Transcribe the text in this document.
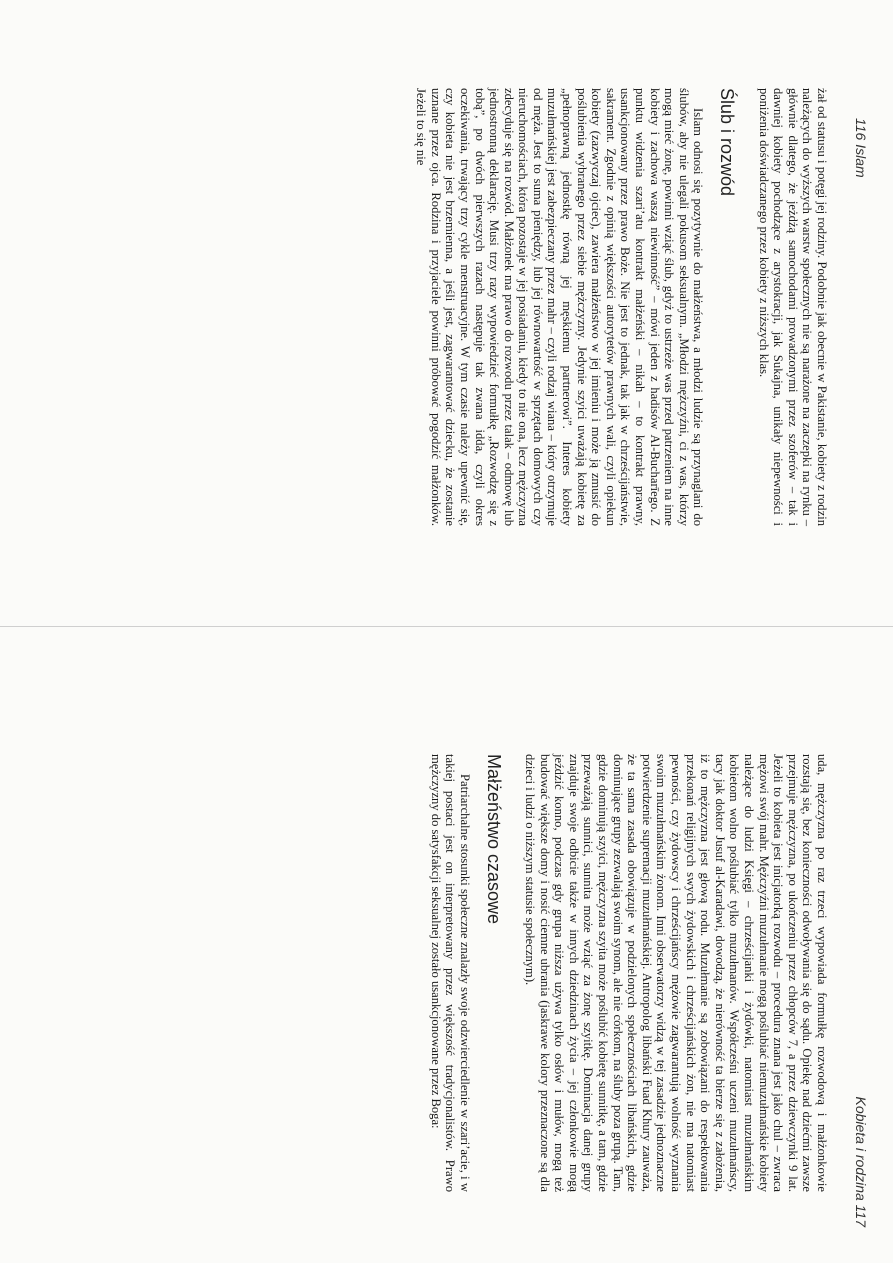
116 Islam

żał od statusu i potęgi jej rodziny. Podobnie jak obecnie w Pakistanie, kobiety z rodzin należących do wyższych warstw społecznych nie są narażone na zaczepki na rynku – głównie dlatego, że jeżdżą samochodami prowadzonymi przez szoferów – tak i dawniej kobiety pochodzące z arystokracji, jak Sukajna, unikały niepewności i poniżenia doświadczanego przez kobiety z niższych klas.

Ślub i rozwód

Islam odnosi się pozytywnie do małżeństwa, a młodzi ludzie są przynaglani do ślubów, aby nie ulegali pokusom seksualnym. „Młodzi mężczyźni, ci z was, którzy mogą mieć żonę, powinni wziąć ślub, gdyż to ustrzeże was przed patrzeniem na inne kobiety i zachowa waszą niewinność” – mówi jeden z hadisów Al-Bucharīego. Z punktu widzenia szari’atu kontrakt małżeński – nikah – to kontrakt prawny, usankcjonowany przez prawo Boże. Nie jest to jednak, tak jak w chrześcijaństwie, sakrament. Zgodnie z opinią większości autorytetów prawnych wali, czyli opiekun kobiety (zazwyczaj ojciec), zawiera małżeństwo w jej imieniu i może ją zmusić do poślubienia wybranego przez siebie mężczyzny. Jedynie szyici uważają kobietę za „pełnoprawną jednostkę równą jej męskiemu partnerowi”. Interes kobiety muzułmańskiej jest zabezpieczany przez mahr – czyli rodzaj wiana – który otrzymuje od męża. Jest to suma pieniędzy, lub jej równowartość w sprzętach domowych czy nieruchomościach, która pozostaje w jej posiadaniu, kiedy to nie ona, lecz mężczyzna zdecyduje się na rozwód. Małżonek ma prawo do rozwodu przez talak – odmowę lub jednostronną deklarację. Musi trzy razy wypowiedzieć formułkę „Rozwodzę się z tobą”, po dwóch pierwszych razach następuje tak zwana idda, czyli okres oczekiwania, trwający trzy cykle menstruacyjne. W tym czasie należy upewnić się, czy kobieta nie jest brzemienna, a jeśli jest, zagwarantować dziecku, że zostanie uznane przez ojca. Rodzina i przyjaciele powinni próbować pogodzić małżonków. Jeżeli to się nie

Kobieta i rodzina 117

uda, mężczyzna po raz trzeci wypowiada formułkę rozwodową i małżonkowie rozstają się, bez konieczności odwoływania się do sądu. Opiekę nad dziećmi zawsze przejmuje mężczyzna, po ukończeniu przez chłopców 7, a przez dziewczynki 9 lat. Jeżeli to kobieta jest inicjatorką rozwodu – procedura znana jest jako chul – zwraca mężowi swój mahr. Mężczyźni muzułmanie mogą poślubiać niemuzułmańskie kobiety należące do ludzi Księgi – chrześcijanki i żydówki, natomiast muzułmańskim kobietom wolno poślubiać tylko muzułmanów. Współcześni uczeni muzułmańscy, tacy jak doktor Jusuf al-Karadawi, dowodzą, że nierówność ta bierze się z założenia, iż to mężczyzna jest głową rodu. Muzułmanie są zobowiązani do respektowania przekonań religijnych swych żydowskich i chrześcijańskich żon, nie ma natomiast pewności, czy żydowscy i chrześcijańscy mężowie zagwarantują wolność wyznania swoim muzułmańskim żonom. Inni obserwatorzy widzą w tej zasadzie jednoznaczne potwierdzenie supremacji muzułmańskiej. Antropolog libański Fuad Khury zauważa, że ta sama zasada obowiązuje w podzielonych społecznościach libańskich, gdzie dominujące grupy zezwalają swoim synom, ale nie córkom, na śluby poza grupą. Tam, gdzie dominują szyici, mężczyzna szyita może poślubić kobietę sunnitkę, a tam, gdzie przeważają sunnici, sunnita może wziąć za żonę szyitkę. Dominacja danej grupy znajduje swoje odbicie także w innych dziedzinach życia – jej członkowie mogą jeździć konno, podczas gdy grupa niższa używa tylko osłów i mułów, mogą też budować większe domy i nosić ciemne ubrania (jaskrawe kolory przeznaczone są dla dzieci i ludzi o niższym statusie społecznym).

Małżeństwo czasowe

Patriarchalne stosunki społeczne znalazły swoje odzwierciedlenie w szari’acie, i w takiej postaci jest on interpretowany przez większość tradycjonalistów. Prawo mężczyzny do satysfakcji seksualnej zostało usankcjonowane przez Boga:
